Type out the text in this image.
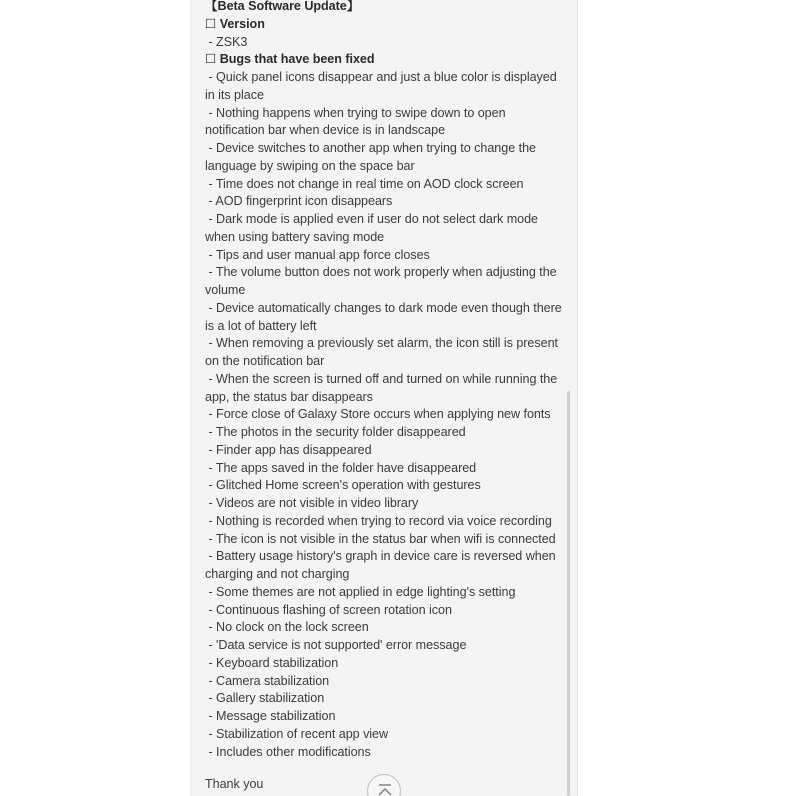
【Beta Software Update】
☐ Version
- ZSK3
☐ Bugs that have been fixed
- Quick panel icons disappear and just a blue color is displayed in its place
- Nothing happens when trying to swipe down to open notification bar when device is in landscape
- Device switches to another app when trying to change the language by swiping on the space bar
- Time does not change in real time on AOD clock screen
- AOD fingerprint icon disappears
- Dark mode is applied even if user do not select dark mode when using battery saving mode
- Tips and user manual app force closes
- The volume button does not work properly when adjusting the volume
- Device automatically changes to dark mode even though there is a lot of battery left
- When removing a previously set alarm, the icon still is present on the notification bar
- When the screen is turned off and turned on while running the app, the status bar disappears
- Force close of Galaxy Store occurs when applying new fonts
- The photos in the security folder disappeared
- Finder app has disappeared
- The apps saved in the folder have disappeared
- Glitched Home screen's operation with gestures
- Videos are not visible in video library
- Nothing is recorded when trying to record via voice recording
- The icon is not visible in the status bar when wifi is connected
- Battery usage history's graph in device care is reversed when charging and not charging
- Some themes are not applied in edge lighting's setting
- Continuous flashing of screen rotation icon
- No clock on the lock screen
- 'Data service is not supported' error message
- Keyboard stabilization
- Camera stabilization
- Gallery stabilization
- Message stabilization
- Stabilization of recent app view
- Includes other modifications
Thank you
